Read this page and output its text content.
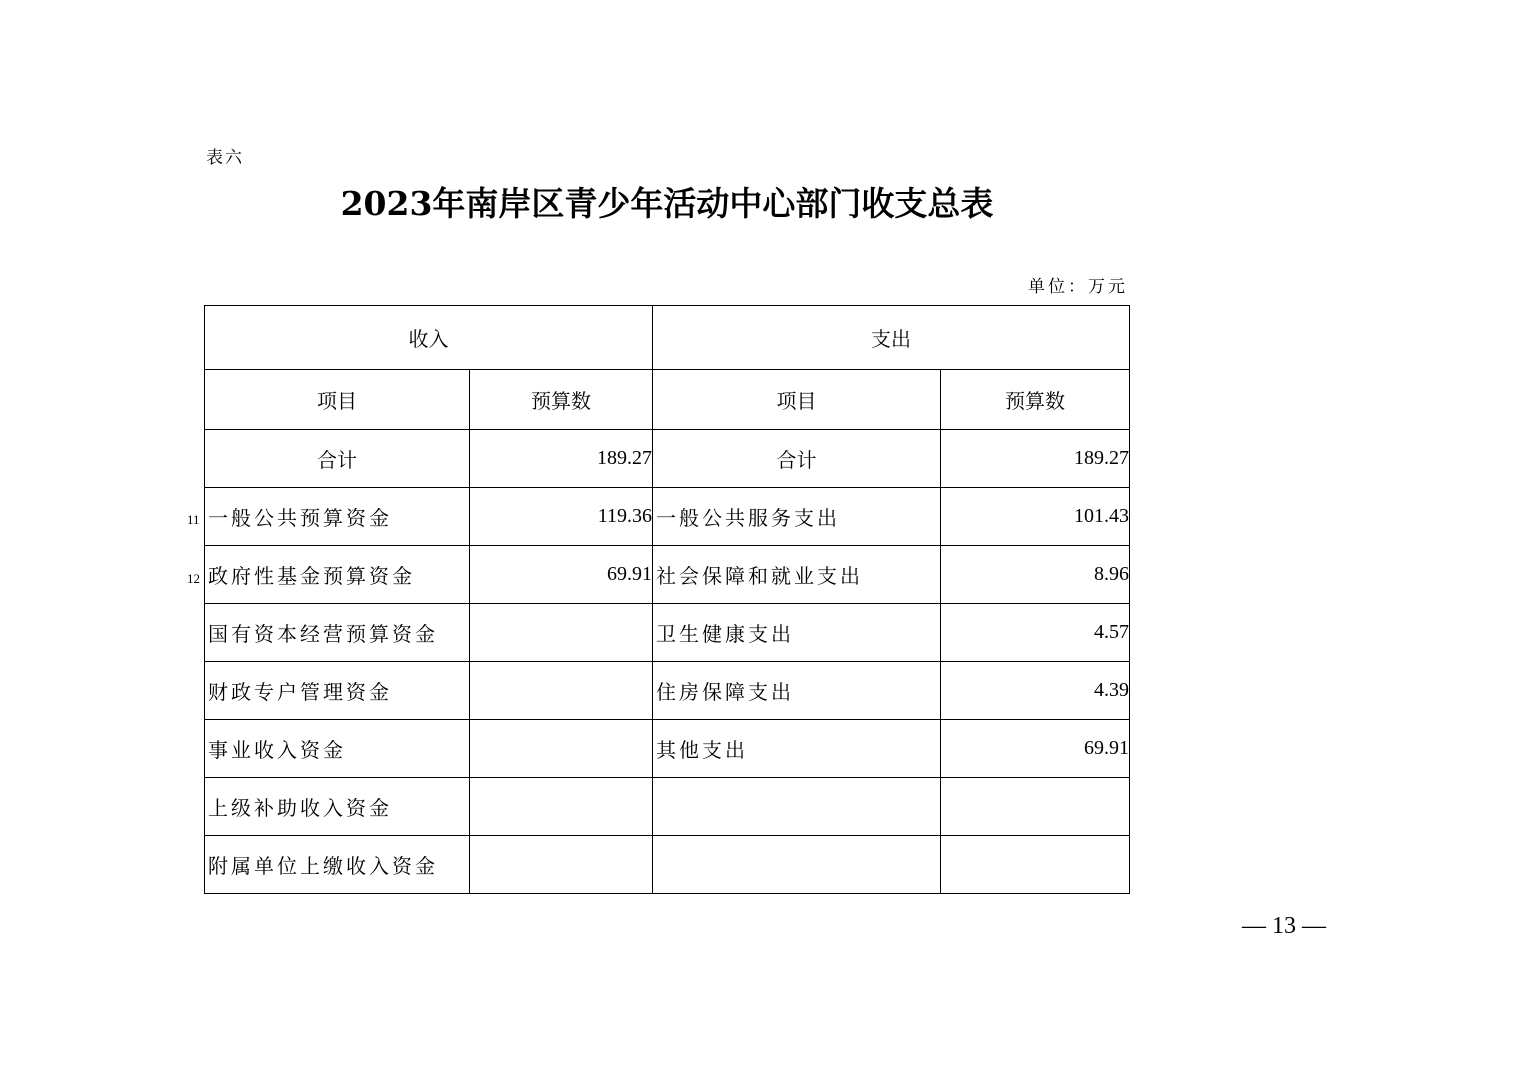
表六
2023年南岸区青少年活动中心部门收支总表
单位：万元
收入		支出	
项目	预算数	项目	预算数
合计	189.27	合计	189.27
一般公共预算资金	119.36	一般公共服务支出	101.43
政府性基金预算资金	69.91	社会保障和就业支出	8.96
国有资本经营预算资金		卫生健康支出	4.57
财政专户管理资金		住房保障支出	4.39
事业收入资金		其他支出	69.91
上级补助收入资金			
附属单位上缴收入资金			
11
12
— 13 —
